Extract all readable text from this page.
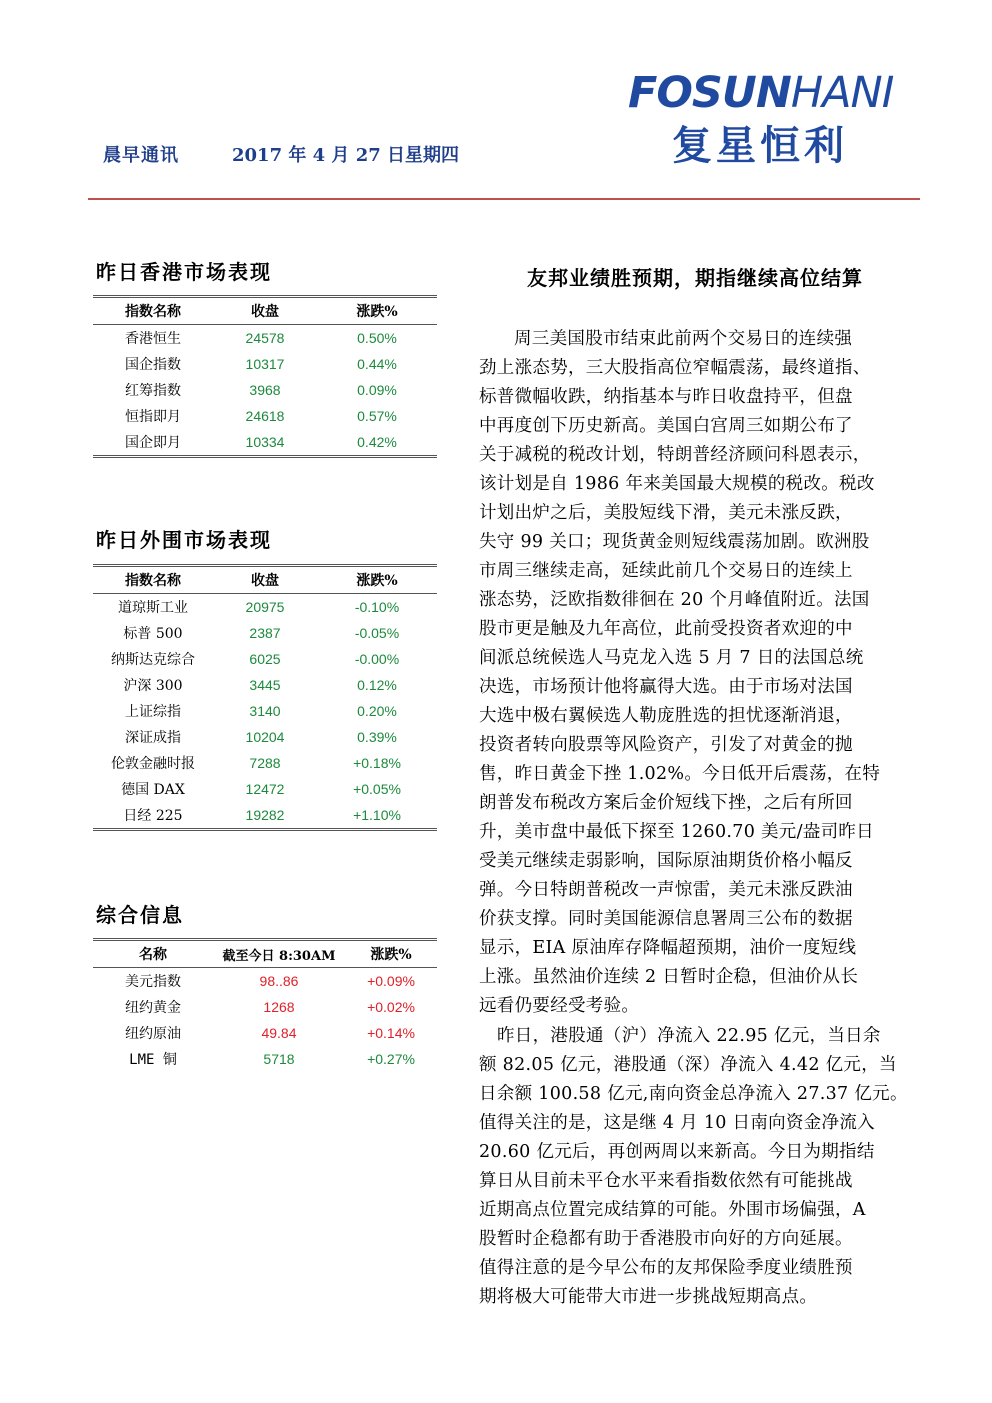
晨早通讯	2017 年 4 月 27 日星期四
FOSUNHANI
复星恒利
昨日香港市场表现
指数名称	收盘	涨跌%
香港恒生	24578	0.50%
国企指数	10317	0.44%
红筹指数	3968	0.09%
恒指即月	24618	0.57%
国企即月	10334	0.42%
昨日外围市场表现
指数名称	收盘	涨跌%
道琼斯工业	20975	-0.10%
标普 500	2387	-0.05%
纳斯达克综合	6025	-0.00%
沪深 300	3445	0.12%
上证综指	3140	0.20%
深证成指	10204	0.39%
伦敦金融时报	7288	+0.18%
德国 DAX	12472	+0.05%
日经 225	19282	+1.10%
综合信息
名称	截至今日 8:30AM	涨跌%
美元指数	98..86	+0.09%
纽约黄金	1268	+0.02%
纽约原油	49.84	+0.14%
LME 铜	5718	+0.27%
友邦业绩胜预期，期指继续高位结算
周三美国股市结束此前两个交易日的连续强
劲上涨态势，三大股指高位窄幅震荡，最终道指、
标普微幅收跌，纳指基本与昨日收盘持平，但盘
中再度创下历史新高。美国白宫周三如期公布了
关于减税的税改计划，特朗普经济顾问科恩表示，
该计划是自 1986 年来美国最大规模的税改。税改
计划出炉之后，美股短线下滑，美元未涨反跌，
失守 99 关口；现货黄金则短线震荡加剧。欧洲股
市周三继续走高，延续此前几个交易日的连续上
涨态势，泛欧指数徘徊在 20 个月峰值附近。法国
股市更是触及九年高位，此前受投资者欢迎的中
间派总统候选人马克龙入选 5 月 7 日的法国总统
决选，市场预计他将赢得大选。由于市场对法国
大选中极右翼候选人勒庞胜选的担忧逐渐消退，
投资者转向股票等风险资产，引发了对黄金的抛
售，昨日黄金下挫 1.02%。今日低开后震荡，在特
朗普发布税改方案后金价短线下挫，之后有所回
升，美市盘中最低下探至 1260.70 美元/盎司昨日
受美元继续走弱影响，国际原油期货价格小幅反
弹。今日特朗普税改一声惊雷，美元未涨反跌油
价获支撑。同时美国能源信息署周三公布的数据
显示，EIA 原油库存降幅超预期，油价一度短线
上涨。虽然油价连续 2 日暂时企稳，但油价从长
远看仍要经受考验。
昨日，港股通（沪）净流入 22.95 亿元，当日余
额 82.05 亿元，港股通（深）净流入 4.42 亿元，当
日余额 100.58 亿元,南向资金总净流入 27.37 亿元。
值得关注的是，这是继 4 月 10 日南向资金净流入
20.60 亿元后，再创两周以来新高。今日为期指结
算日从目前未平仓水平来看指数依然有可能挑战
近期高点位置完成结算的可能。外围市场偏强，A
股暂时企稳都有助于香港股市向好的方向延展。
值得注意的是今早公布的友邦保险季度业绩胜预
期将极大可能带大市进一步挑战短期高点。
